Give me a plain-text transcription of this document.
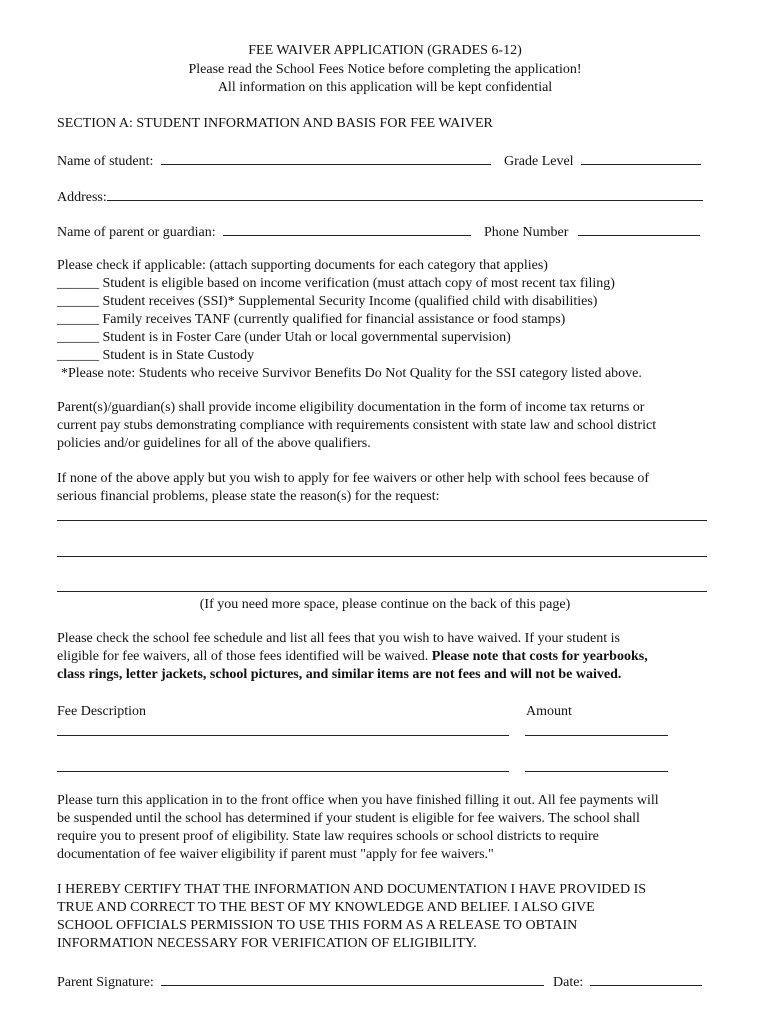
FEE WAIVER APPLICATION (GRADES 6-12)
Please read the School Fees Notice before completing the application!
All information on this application will be kept confidential
SECTION A: STUDENT INFORMATION AND BASIS FOR FEE WAIVER
Name of student:	Grade Level
Address:
Name of parent or guardian:	Phone Number
Please check if applicable: (attach supporting documents for each category that applies)
______ Student is eligible based on income verification (must attach copy of most recent tax filing)
______ Student receives (SSI)* Supplemental Security Income (qualified child with disabilities)
______ Family receives TANF (currently qualified for financial assistance or food stamps)
______ Student is in Foster Care (under Utah or local governmental supervision)
______ Student is in State Custody
*Please note: Students who receive Survivor Benefits Do Not Quality for the SSI category listed above.
Parent(s)/guardian(s) shall provide income eligibility documentation in the form of income tax returns or
current pay stubs demonstrating compliance with requirements consistent with state law and school district
policies and/or guidelines for all of the above qualifiers.
If none of the above apply but you wish to apply for fee waivers or other help with school fees because of
serious financial problems, please state the reason(s) for the request:
(If you need more space, please continue on the back of this page)
Please check the school fee schedule and list all fees that you wish to have waived. If your student is
eligible for fee waivers, all of those fees identified will be waived. Please note that costs for yearbooks,
class rings, letter jackets, school pictures, and similar items are not fees and will not be waived.
Fee Description	Amount
Please turn this application in to the front office when you have finished filling it out. All fee payments will
be suspended until the school has determined if your student is eligible for fee waivers. The school shall
require you to present proof of eligibility. State law requires schools or school districts to require
documentation of fee waiver eligibility if parent must "apply for fee waivers."
I HEREBY CERTIFY THAT THE INFORMATION AND DOCUMENTATION I HAVE PROVIDED IS
TRUE AND CORRECT TO THE BEST OF MY KNOWLEDGE AND BELIEF. I ALSO GIVE
SCHOOL OFFICIALS PERMISSION TO USE THIS FORM AS A RELEASE TO OBTAIN
INFORMATION NECESSARY FOR VERIFICATION OF ELIGIBILITY.
Parent Signature:	Date:
